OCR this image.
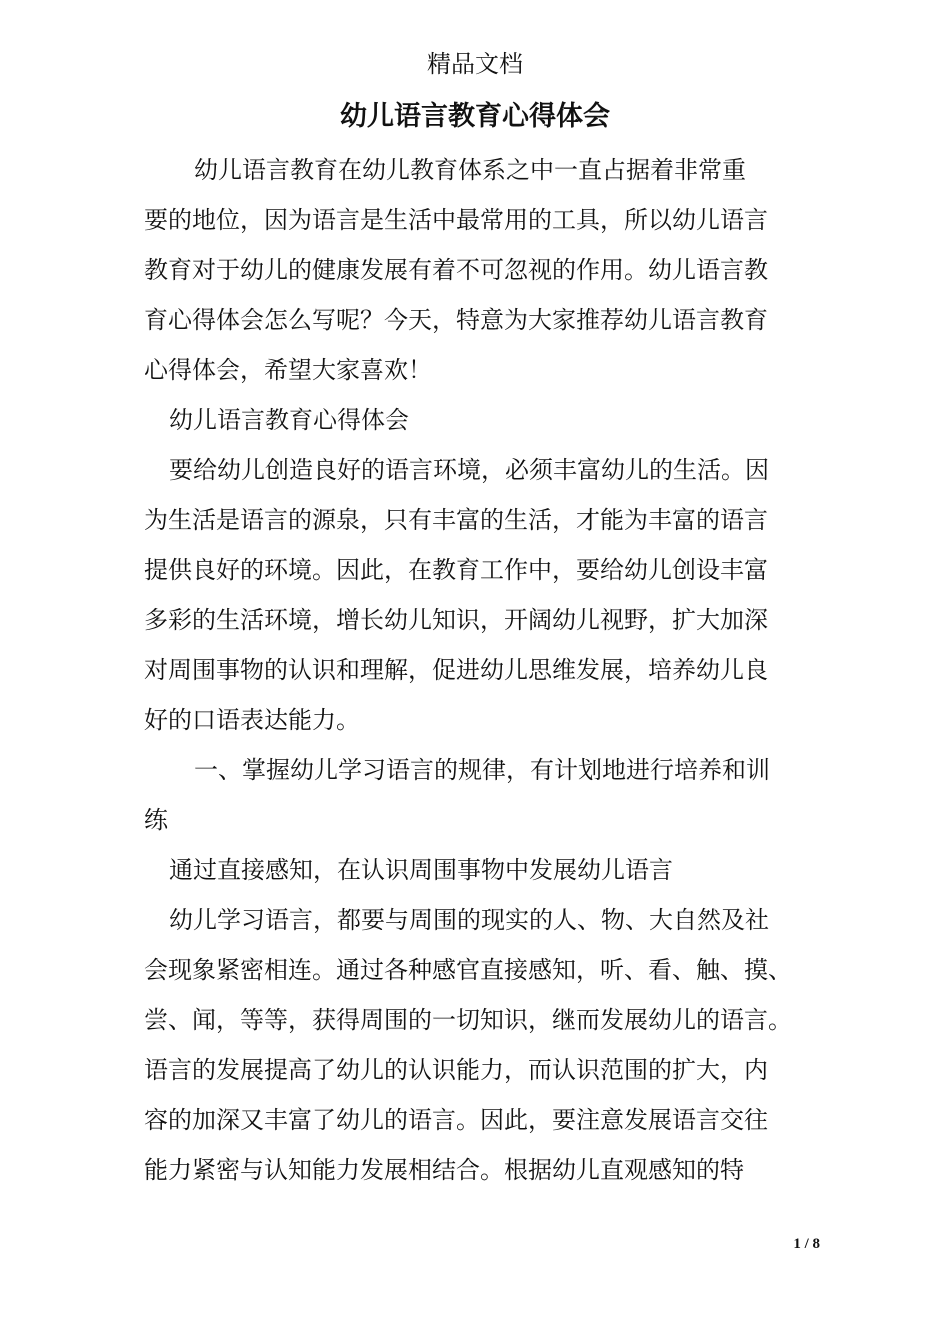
精品文档
幼儿语言教育心得体会

幼儿语言教育在幼儿教育体系之中一直占据着非常重

要的地位，因为语言是生活中最常用的工具，所以幼儿语言

教育对于幼儿的健康发展有着不可忽视的作用。幼儿语言教

育心得体会怎么写呢？今天，特意为大家推荐幼儿语言教育

心得体会，希望大家喜欢！

幼儿语言教育心得体会

要给幼儿创造良好的语言环境，必须丰富幼儿的生活。因

为生活是语言的源泉，只有丰富的生活，才能为丰富的语言

提供良好的环境。因此，在教育工作中，要给幼儿创设丰富

多彩的生活环境，增长幼儿知识，开阔幼儿视野，扩大加深

对周围事物的认识和理解，促进幼儿思维发展，培养幼儿良

好的口语表达能力。

一、掌握幼儿学习语言的规律，有计划地进行培养和训

练

通过直接感知，在认识周围事物中发展幼儿语言

幼儿学习语言，都要与周围的现实的人、物、大自然及社

会现象紧密相连。通过各种感官直接感知，听、看、触、摸、

尝、闻，等等，获得周围的一切知识，继而发展幼儿的语言。

语言的发展提高了幼儿的认识能力，而认识范围的扩大，内

容的加深又丰富了幼儿的语言。因此，要注意发展语言交往

能力紧密与认知能力发展相结合。根据幼儿直观感知的特

1 / 8
